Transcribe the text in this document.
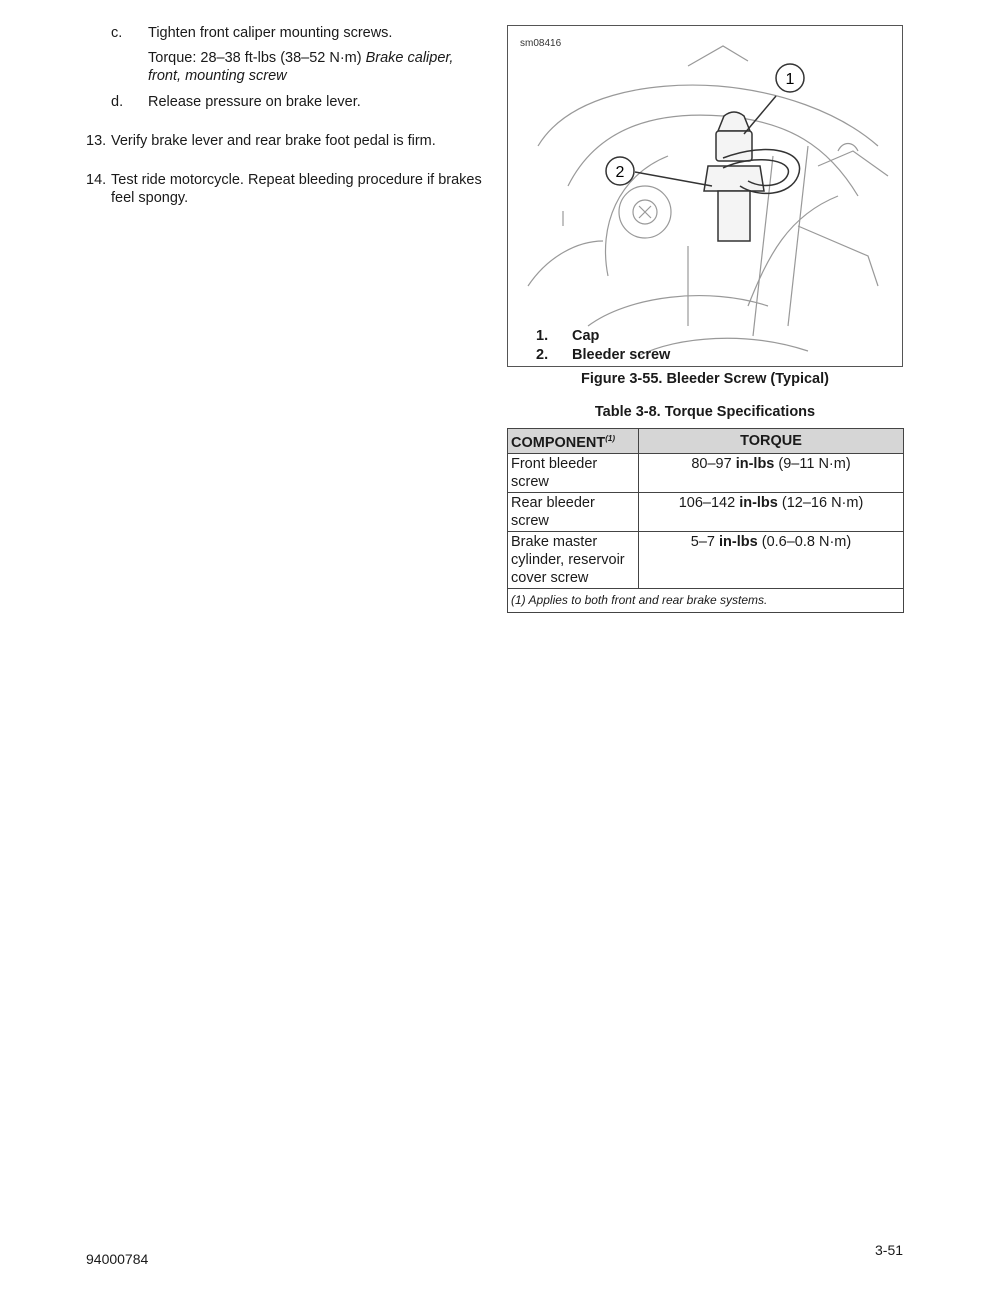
c. Tighten front caliper mounting screws.
Torque: 28–38 ft-lbs (38–52 N·m) Brake caliper, front, mounting screw
d. Release pressure on brake lever.
13. Verify brake lever and rear brake foot pedal is firm.
14. Test ride motorcycle. Repeat bleeding procedure if brakes feel spongy.
1
2
sm08416
1. Cap
2. Bleeder screw
Figure 3-55. Bleeder Screw (Typical)
Table 3-8. Torque Specifications
COMPONENT$^{(1)}$	TORQUE
Front bleeder screw	80–97 in-lbs (9–11 N·m)
Rear bleeder screw	106–142 in-lbs (12–16 N·m)
Brake master cylinder, reservoir cover screw	5–7 in-lbs (0.6–0.8 N·m)
(1) Applies to both front and rear brake systems.	
94000784
3-51
